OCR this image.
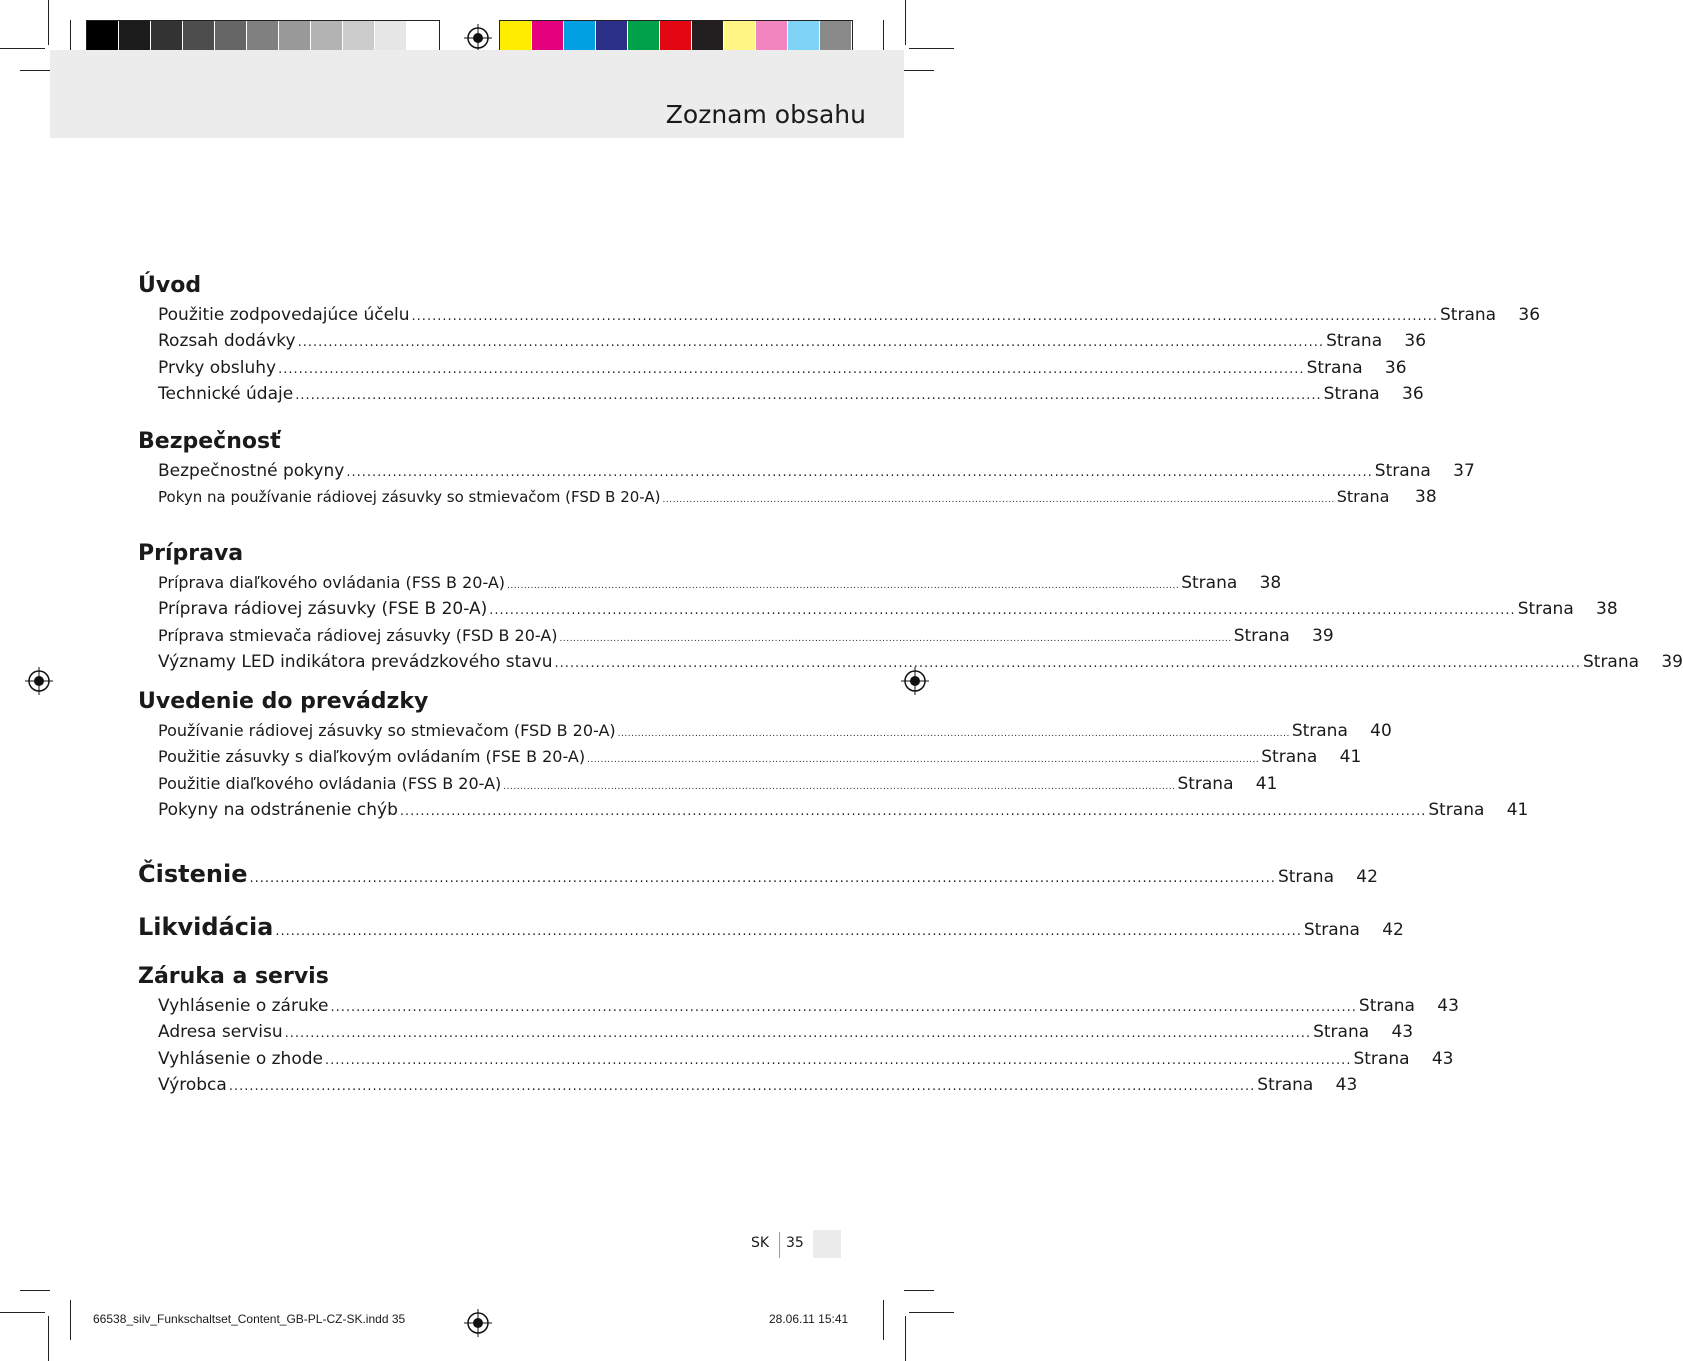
Zoznam obsahu
Úvod
Použitie zodpovedajúce účelu ........................................................................................................................................................................................................ Strana	36
Rozsah dodávky ........................................................................................................................................................................................................ Strana	36
Prvky obsluhy ........................................................................................................................................................................................................ Strana	36
Technické údaje ........................................................................................................................................................................................................ Strana	36
Bezpečnosť
Bezpečnostné pokyny ........................................................................................................................................................................................................ Strana	37
Pokyn na používanie rádiovej zásuvky so stmievačom (FSD B 20-A) ........................................................................................................................................................................................................ Strana	38
Príprava
Príprava diaľkového ovládania (FSS B 20-A) ........................................................................................................................................................................................................ Strana	38
Príprava rádiovej zásuvky (FSE B 20-A) ........................................................................................................................................................................................................ Strana	38
Príprava stmievača rádiovej zásuvky (FSD B 20-A) ........................................................................................................................................................................................................ Strana	39
Významy LED indikátora prevádzkového stavu ........................................................................................................................................................................................................ Strana	39
Uvedenie do prevádzky
Používanie rádiovej zásuvky so stmievačom (FSD B 20-A) ........................................................................................................................................................................................................ Strana	40
Použitie zásuvky s diaľkovým ovládaním (FSE B 20-A) ........................................................................................................................................................................................................ Strana	41
Použitie diaľkového ovládania (FSS B 20-A) ........................................................................................................................................................................................................ Strana	41
Pokyny na odstránenie chýb ........................................................................................................................................................................................................ Strana	41
Čistenie ........................................................................................................................................................................................................ Strana	42
Likvidácia ........................................................................................................................................................................................................ Strana	42
Záruka a servis
Vyhlásenie o záruke ........................................................................................................................................................................................................ Strana	43
Adresa servisu ........................................................................................................................................................................................................ Strana	43
Vyhlásenie o zhode ........................................................................................................................................................................................................ Strana	43
Výrobca ........................................................................................................................................................................................................ Strana	43
SK 35
66538_silv_Funkschaltset_Content_GB-PL-CZ-SK.indd 35	28.06.11 15:41
